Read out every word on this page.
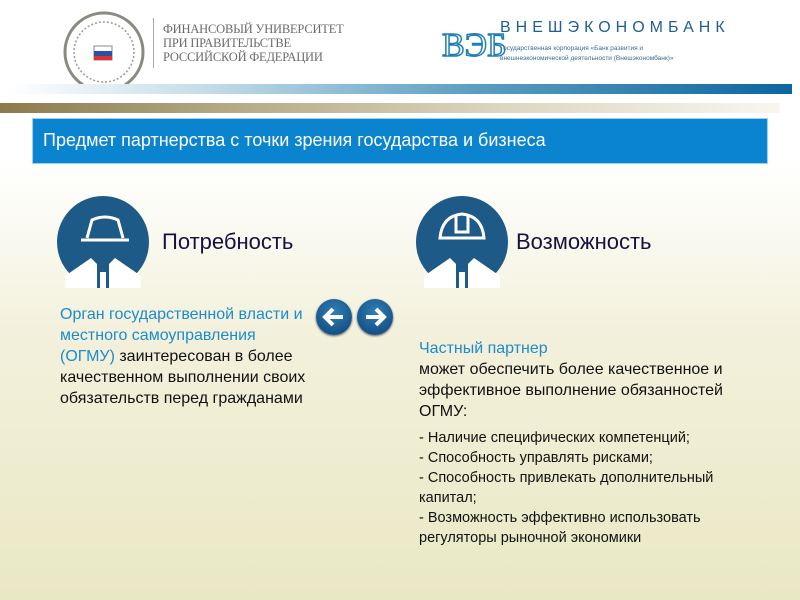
ФИНАНСОВЫЙ УНИВЕРСИТЕТ
ПРИ ПРАВИТЕЛЬСТВЕ
РОССИЙСКОЙ ФЕДЕРАЦИИ	ВЭБ
ВНЕШЭКОНОМБАНК
Государственная корпорация «Банк развития и
внешнеэкономической деятельности (Внешэкономбанк)»
Предмет партнерства с точки зрения государства и бизнеса
Потребность	Возможность
Орган государственной власти и местного самоуправления (ОГМУ) заинтересован в более качественном выполнении своих обязательств перед гражданами
Частный партнер
может обеспечить более качественное и эффективное выполнение обязанностей ОГМУ:
- Наличие специфических компетенций;
- Способность управлять рисками;
- Способность привлекать дополнительный капитал;
- Возможность эффективно использовать регуляторы рыночной экономики
